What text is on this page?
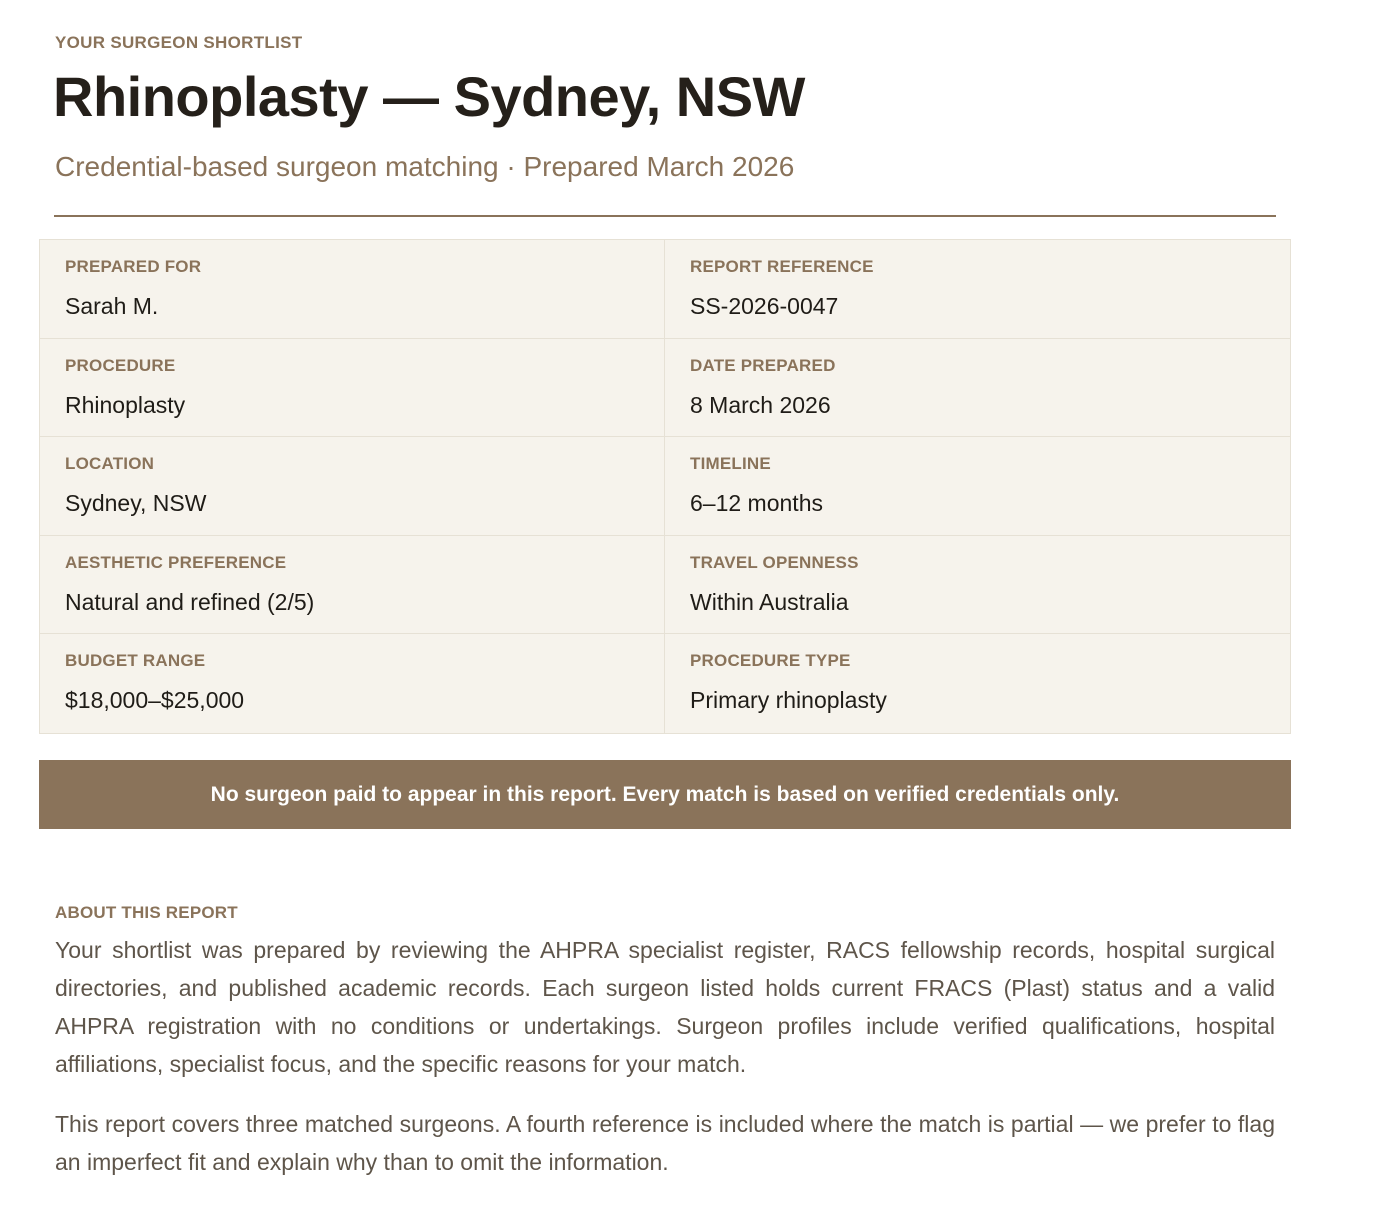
YOUR SURGEON SHORTLIST
Rhinoplasty — Sydney, NSW
Credential-based surgeon matching · Prepared March 2026
PREPARED FOR
Sarah M.
REPORT REFERENCE
SS-2026-0047
PROCEDURE
Rhinoplasty
DATE PREPARED
8 March 2026
LOCATION
Sydney, NSW
TIMELINE
6–12 months
AESTHETIC PREFERENCE
Natural and refined (2/5)
TRAVEL OPENNESS
Within Australia
BUDGET RANGE
$18,000–$25,000
PROCEDURE TYPE
Primary rhinoplasty
No surgeon paid to appear in this report. Every match is based on verified credentials only.
ABOUT THIS REPORT

Your shortlist was prepared by reviewing the AHPRA specialist register, RACS fellowship records, hospital surgical directories, and published academic records. Each surgeon listed holds current FRACS (Plast) status and a valid AHPRA registration with no conditions or undertakings. Surgeon profiles include verified qualifications, hospital affiliations, specialist focus, and the specific reasons for your match.

This report covers three matched surgeons. A fourth reference is included where the match is partial — we prefer to flag an imperfect fit and explain why than to omit the information.
